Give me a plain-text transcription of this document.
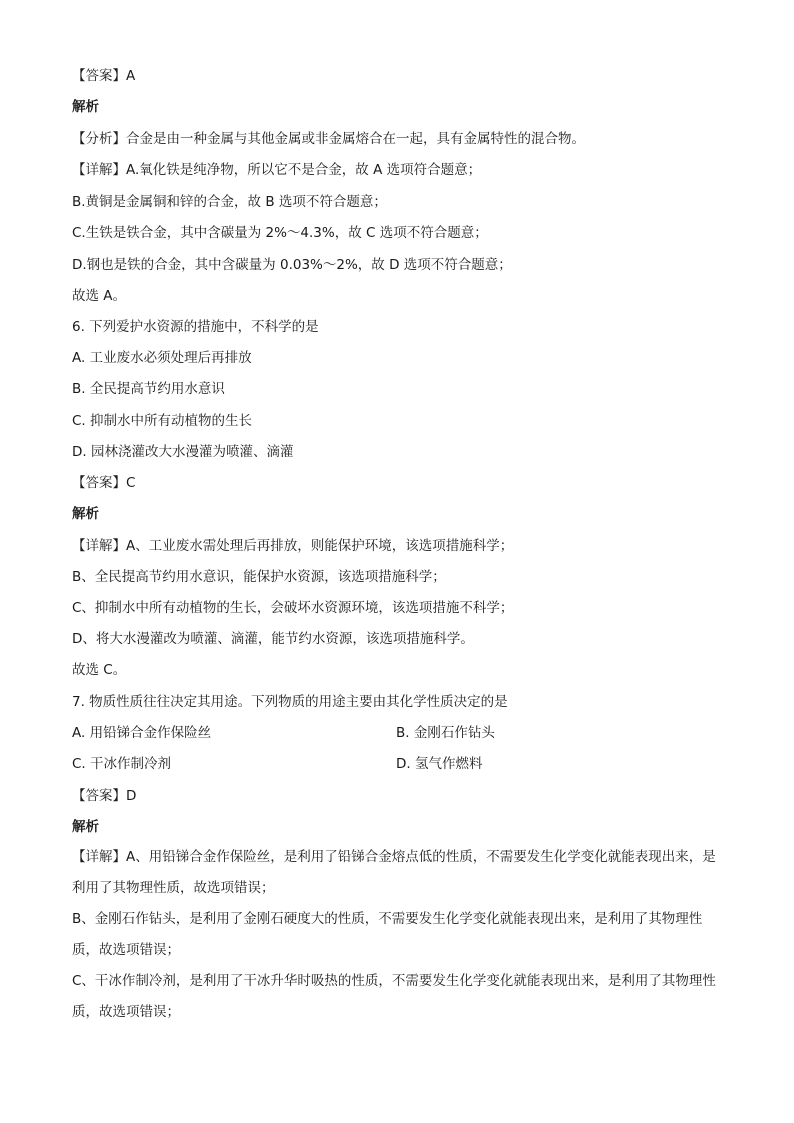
【答案】A
解析
【分析】合金是由一种金属与其他金属或非金属熔合在一起，具有金属特性的混合物。
【详解】A.氧化铁是纯净物，所以它不是合金，故 A 选项符合题意；
B.黄铜是金属铜和锌的合金，故 B 选项不符合题意；
C.生铁是铁合金，其中含碳量为 2%～4.3%，故 C 选项不符合题意；
D.钢也是铁的合金，其中含碳量为 0.03%～2%，故 D 选项不符合题意；
故选 A。
6. 下列爱护水资源的措施中，不科学的是
A. 工业废水必须处理后再排放
B. 全民提高节约用水意识
C. 抑制水中所有动植物的生长
D. 园林浇灌改大水漫灌为喷灌、滴灌
【答案】C
解析
【详解】A、工业废水需处理后再排放，则能保护环境，该选项措施科学；
B、全民提高节约用水意识，能保护水资源，该选项措施科学；
C、抑制水中所有动植物的生长，会破坏水资源环境，该选项措施不科学；
D、将大水漫灌改为喷灌、滴灌，能节约水资源，该选项措施科学。
故选 C。
7. 物质性质往往决定其用途。下列物质的用途主要由其化学性质决定的是
A. 用铅锑合金作保险丝	B. 金刚石作钻头
C. 干冰作制冷剂	D. 氢气作燃料
【答案】D
解析
【详解】A、用铅锑合金作保险丝，是利用了铅锑合金熔点低的性质，不需要发生化学变化就能表现出来，是利用了其物理性质，故选项错误；
B、金刚石作钻头，是利用了金刚石硬度大的性质，不需要发生化学变化就能表现出来，是利用了其物理性质，故选项错误；
C、干冰作制冷剂，是利用了干冰升华时吸热的性质，不需要发生化学变化就能表现出来，是利用了其物理性质，故选项错误；
